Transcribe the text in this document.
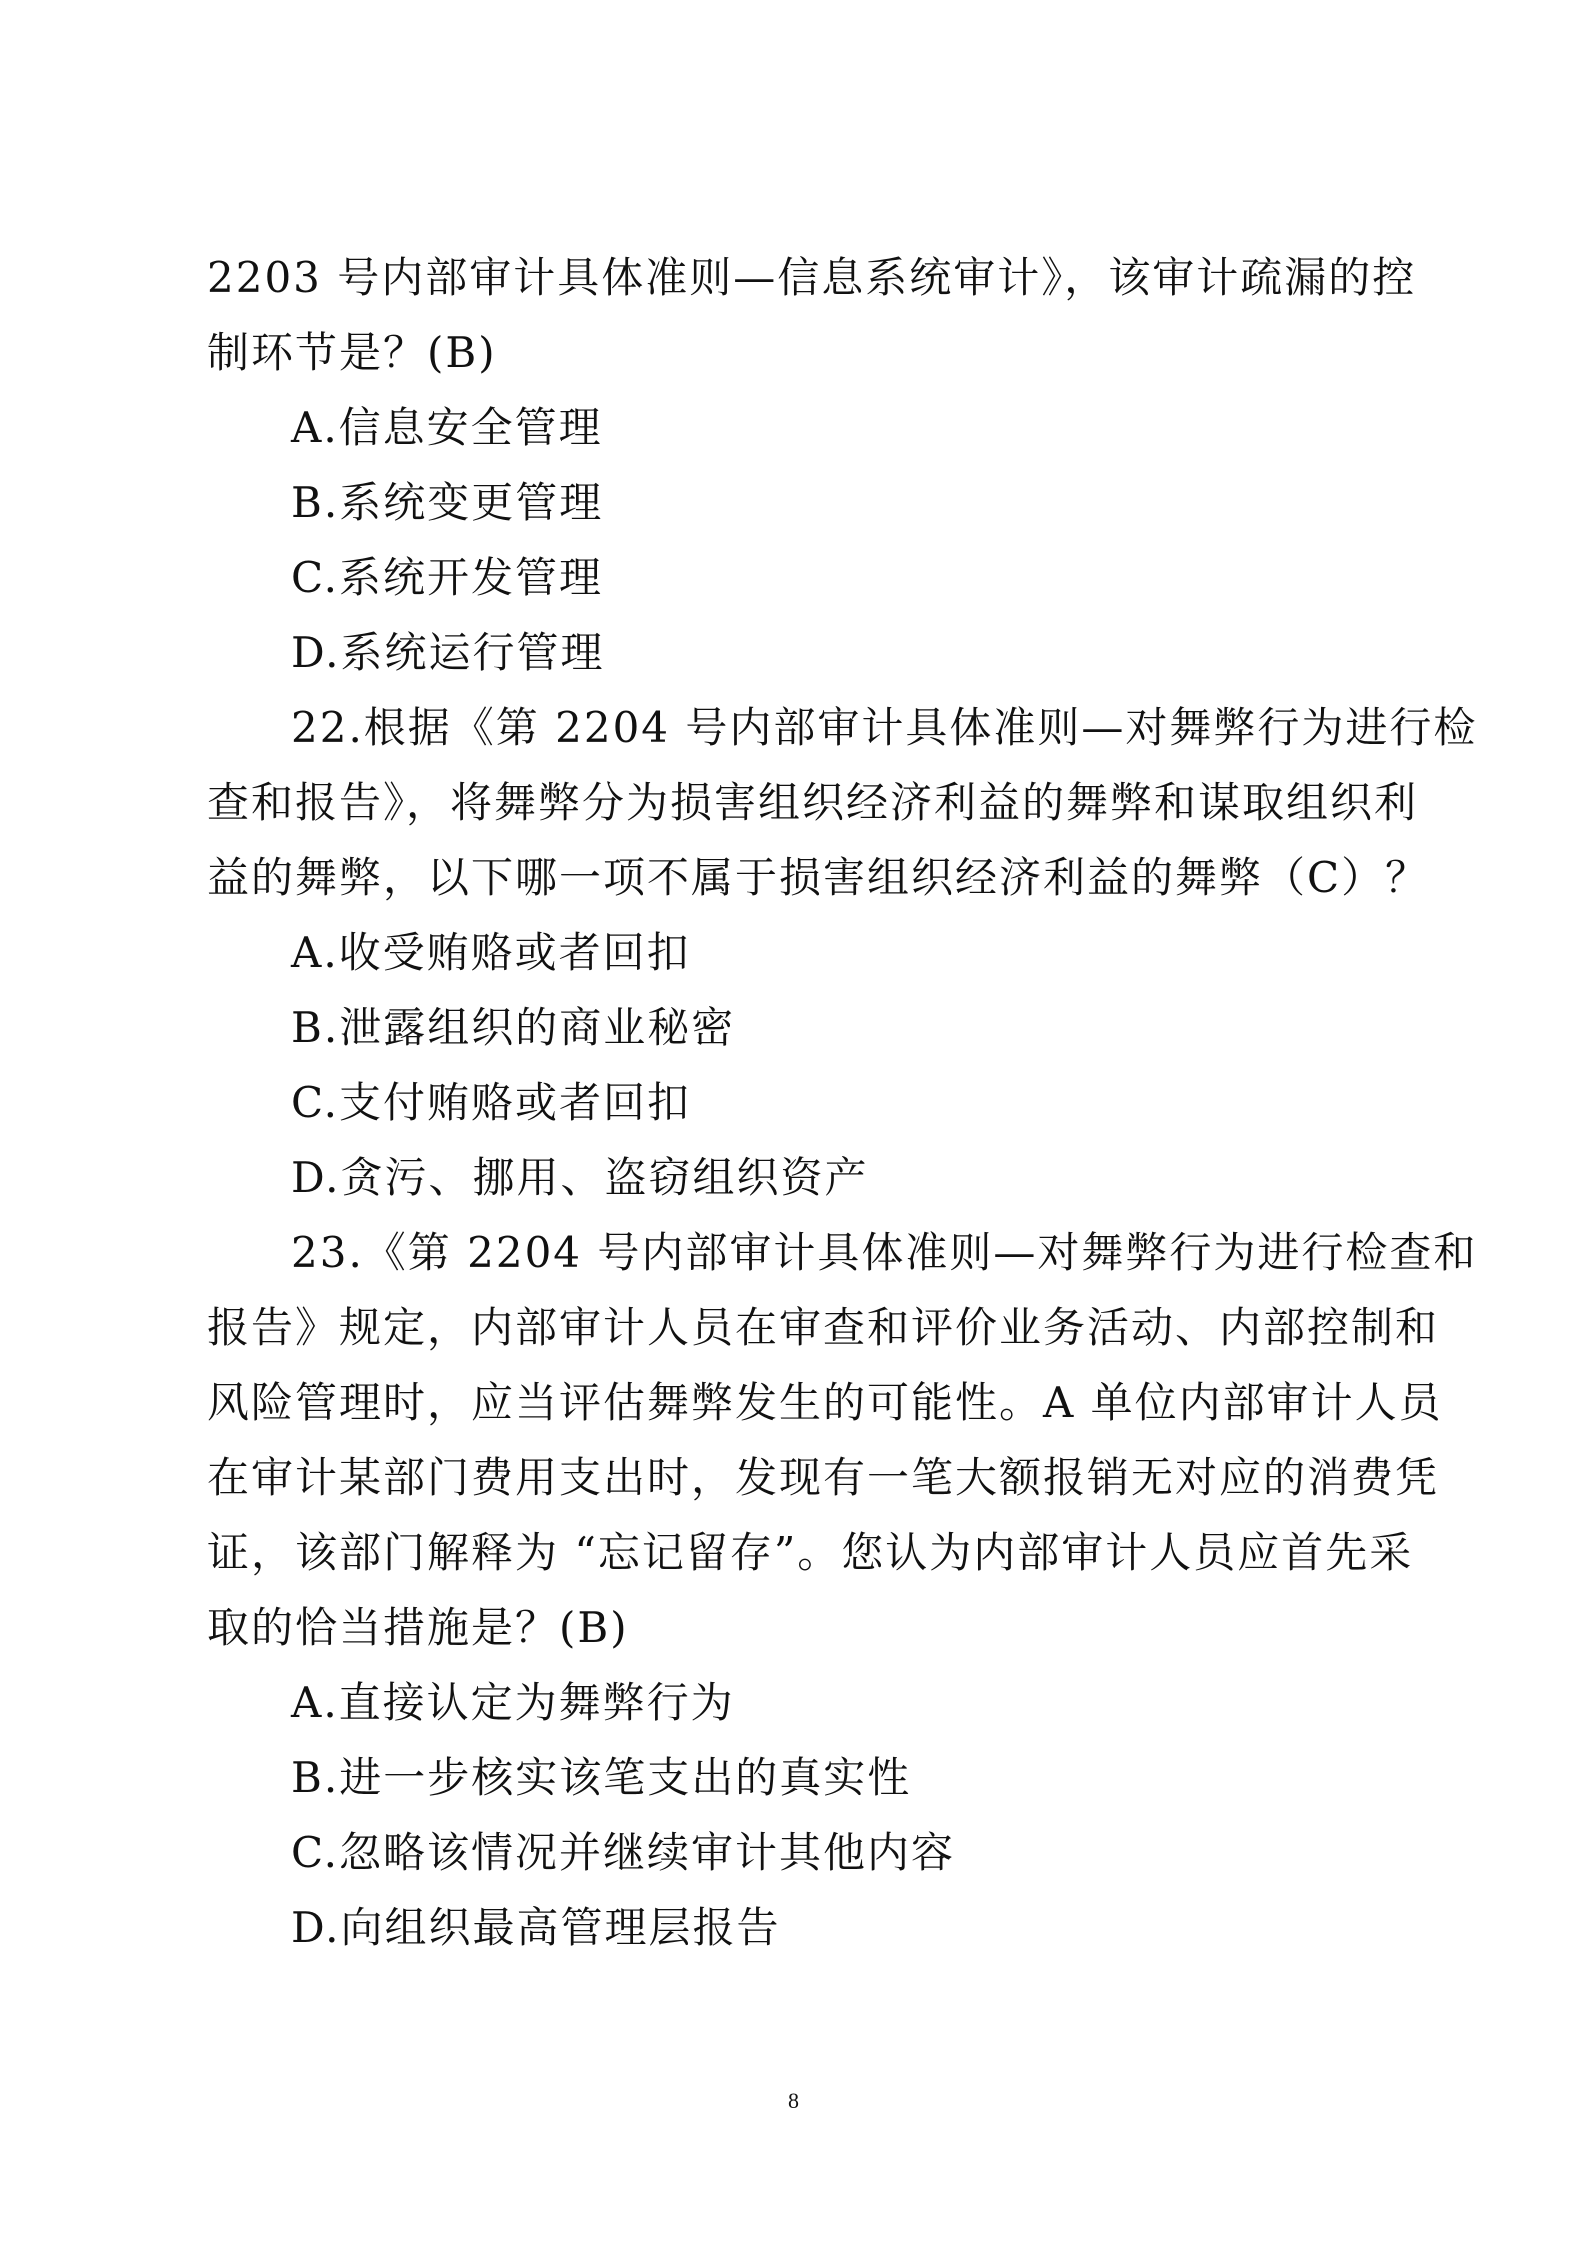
2203 号内部审计具体准则—信息系统审计》，该审计疏漏的控
制环节是？(B)
A.信息安全管理
B.系统变更管理
C.系统开发管理
D.系统运行管理
22.根据《第 2204 号内部审计具体准则—对舞弊行为进行检
查和报告》，将舞弊分为损害组织经济利益的舞弊和谋取组织利
益的舞弊，以下哪一项不属于损害组织经济利益的舞弊（C）？
A.收受贿赂或者回扣
B.泄露组织的商业秘密
C.支付贿赂或者回扣
D.贪污、挪用、盗窃组织资产
23.《第 2204 号内部审计具体准则—对舞弊行为进行检查和
报告》规定，内部审计人员在审查和评价业务活动、内部控制和
风险管理时，应当评估舞弊发生的可能性。A 单位内部审计人员
在审计某部门费用支出时，发现有一笔大额报销无对应的消费凭
证，该部门解释为 “忘记留存”。您认为内部审计人员应首先采
取的恰当措施是？(B)
A.直接认定为舞弊行为
B.进一步核实该笔支出的真实性
C.忽略该情况并继续审计其他内容
D.向组织最高管理层报告
8
